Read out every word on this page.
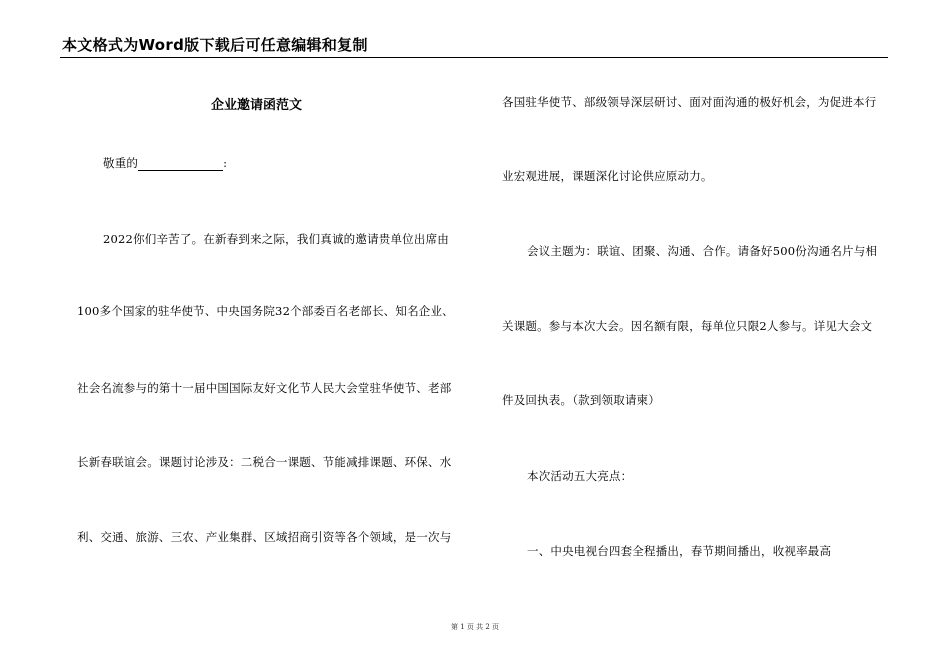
本文格式为Word版下载后可任意编辑和复制
企业邀请函范文
敬重的	:
2022你们辛苦了。在新春到来之际，我们真诚的邀请贵单位出席由
100多个国家的驻华使节、中央国务院32个部委百名老部长、知名企业、
社会名流参与的第十一届中国国际友好文化节人民大会堂驻华使节、老部
长新春联谊会。课题讨论涉及：二税合一课题、节能减排课题、环保、水
利、交通、旅游、三农、产业集群、区域招商引资等各个领域，是一次与
各国驻华使节、部级领导深层研讨、面对面沟通的极好机会，为促进本行
业宏观进展，课题深化讨论供应原动力。
会议主题为：联谊、团聚、沟通、合作。请备好500份沟通名片与相
关课题。参与本次大会。因名额有限，每单位只限2人参与。详见大会文
件及回执表。（款到领取请柬）
本次活动五大亮点：
一、中央电视台四套全程播出，春节期间播出，收视率最高
第 1 页 共 2 页
